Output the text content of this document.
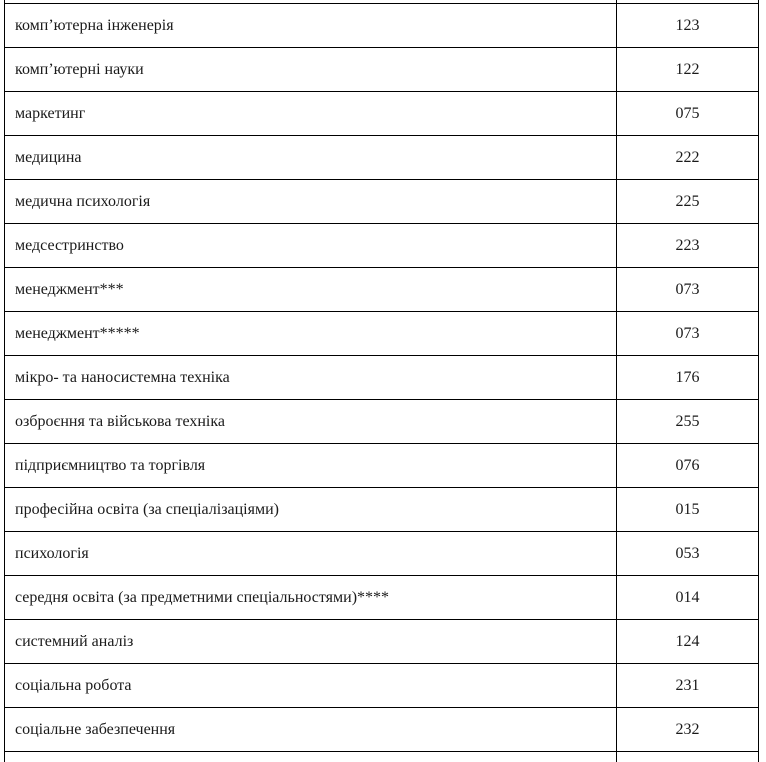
комп’ютерна інженерія	123
комп’ютерні науки	122
маркетинг	075
медицина	222
медична психологія	225
медсестринство	223
менеджмент***	073
менеджмент*****	073
мікро- та наносистемна техніка	176
озброєння та військова техніка	255
підприємництво та торгівля	076
професійна освіта (за спеціалізаціями)	015
психологія	053
середня освіта (за предметними спеціальностями)****	014
системний аналіз	124
соціальна робота	231
соціальне забезпечення	232
